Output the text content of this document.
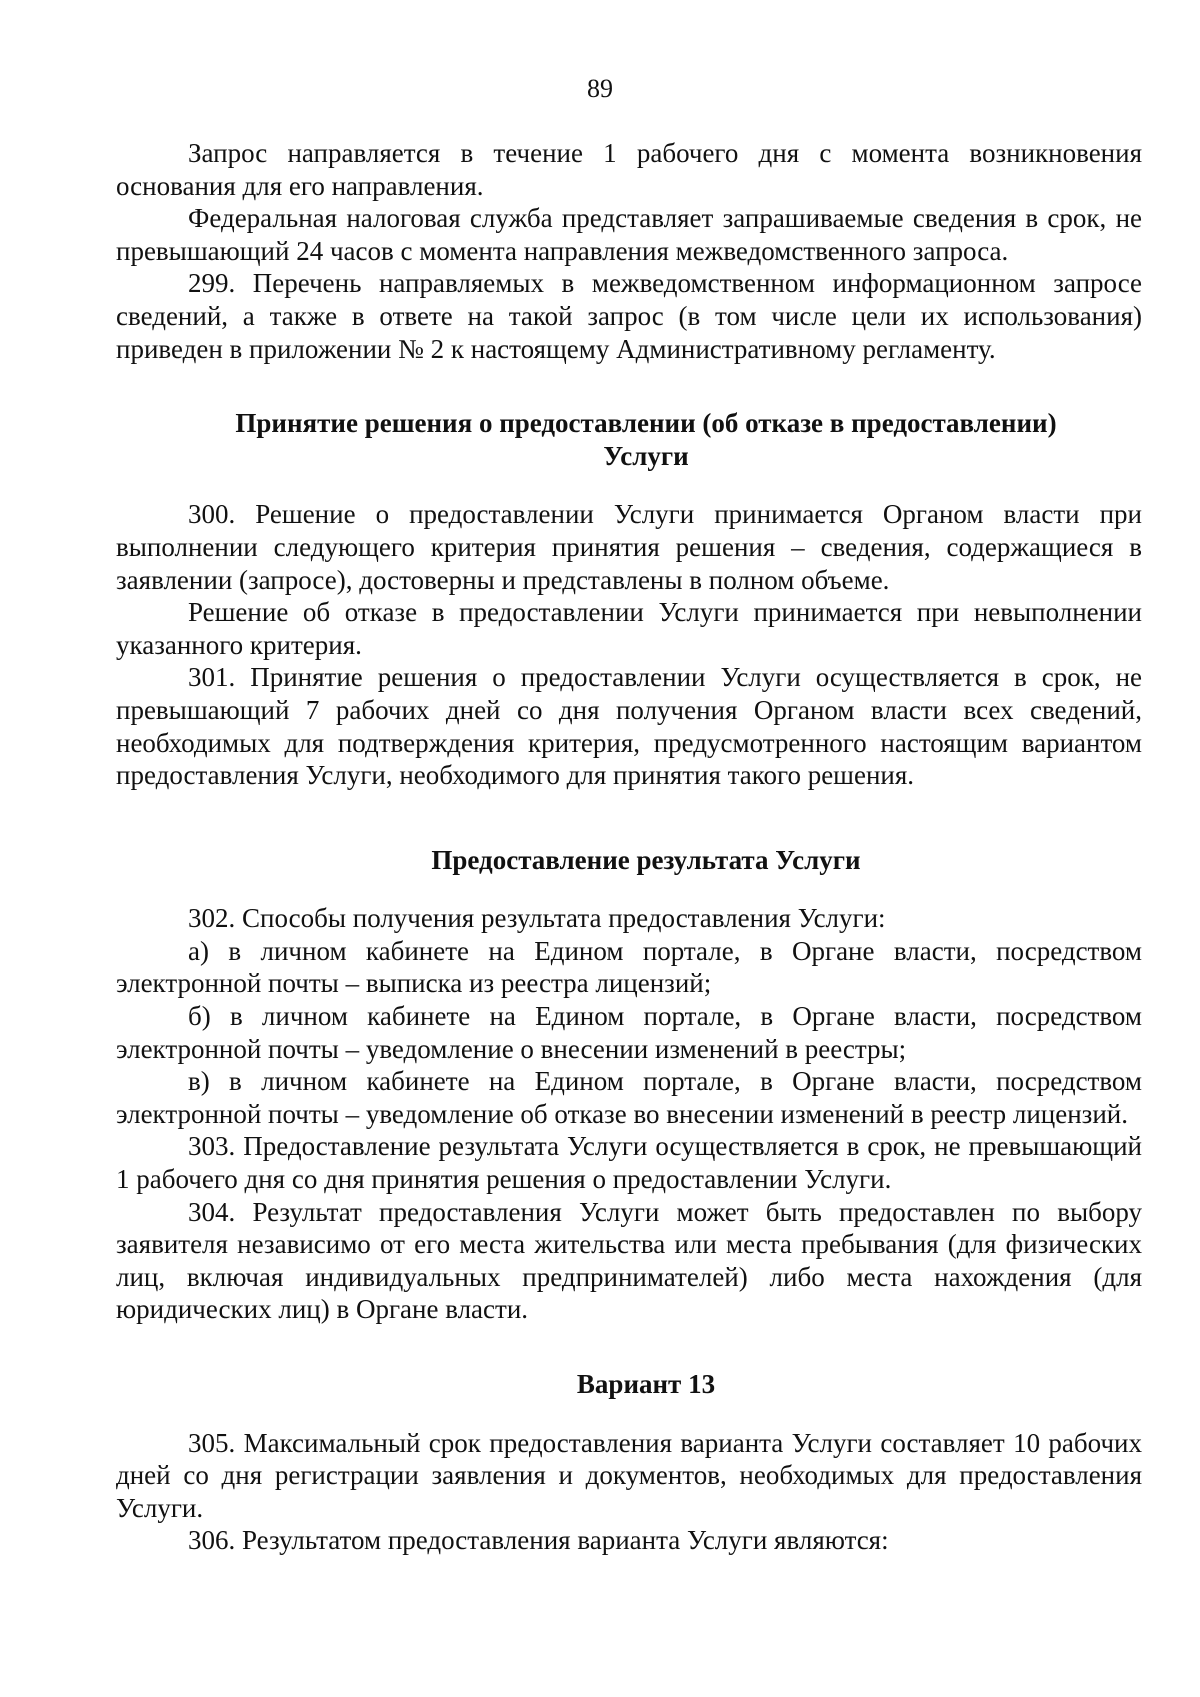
89

Запрос направляется в течение 1 рабочего дня с момента возникновения основания для его направления.

Федеральная налоговая служба представляет запрашиваемые сведения в срок, не превышающий 24 часов с момента направления межведомственного запроса.

299. Перечень направляемых в межведомственном информационном запросе сведений, а также в ответе на такой запрос (в том числе цели их использования) приведен в приложении № 2 к настоящему Административному регламенту.

Принятие решения о предоставлении (об отказе в предоставлении)
Услуги

300. Решение о предоставлении Услуги принимается Органом власти при выполнении следующего критерия принятия решения – сведения, содержащиеся в заявлении (запросе), достоверны и представлены в полном объеме.

Решение об отказе в предоставлении Услуги принимается при невыполнении указанного критерия.

301. Принятие решения о предоставлении Услуги осуществляется в срок, не превышающий 7 рабочих дней со дня получения Органом власти всех сведений, необходимых для подтверждения критерия, предусмотренного настоящим вариантом предоставления Услуги, необходимого для принятия такого решения.

Предоставление результата Услуги

302. Способы получения результата предоставления Услуги:

а) в личном кабинете на Едином портале, в Органе власти, посредством электронной почты – выписка из реестра лицензий;

б) в личном кабинете на Едином портале, в Органе власти, посредством электронной почты – уведомление о внесении изменений в реестры;

в) в личном кабинете на Едином портале, в Органе власти, посредством электронной почты – уведомление об отказе во внесении изменений в реестр лицензий.

303. Предоставление результата Услуги осуществляется в срок, не превышающий 1 рабочего дня со дня принятия решения о предоставлении Услуги.

304. Результат предоставления Услуги может быть предоставлен по выбору заявителя независимо от его места жительства или места пребывания (для физических лиц, включая индивидуальных предпринимателей) либо места нахождения (для юридических лиц) в Органе власти.

Вариант 13

305. Максимальный срок предоставления варианта Услуги составляет 10 рабочих дней со дня регистрации заявления и документов, необходимых для предоставления Услуги.

306. Результатом предоставления варианта Услуги являются:
